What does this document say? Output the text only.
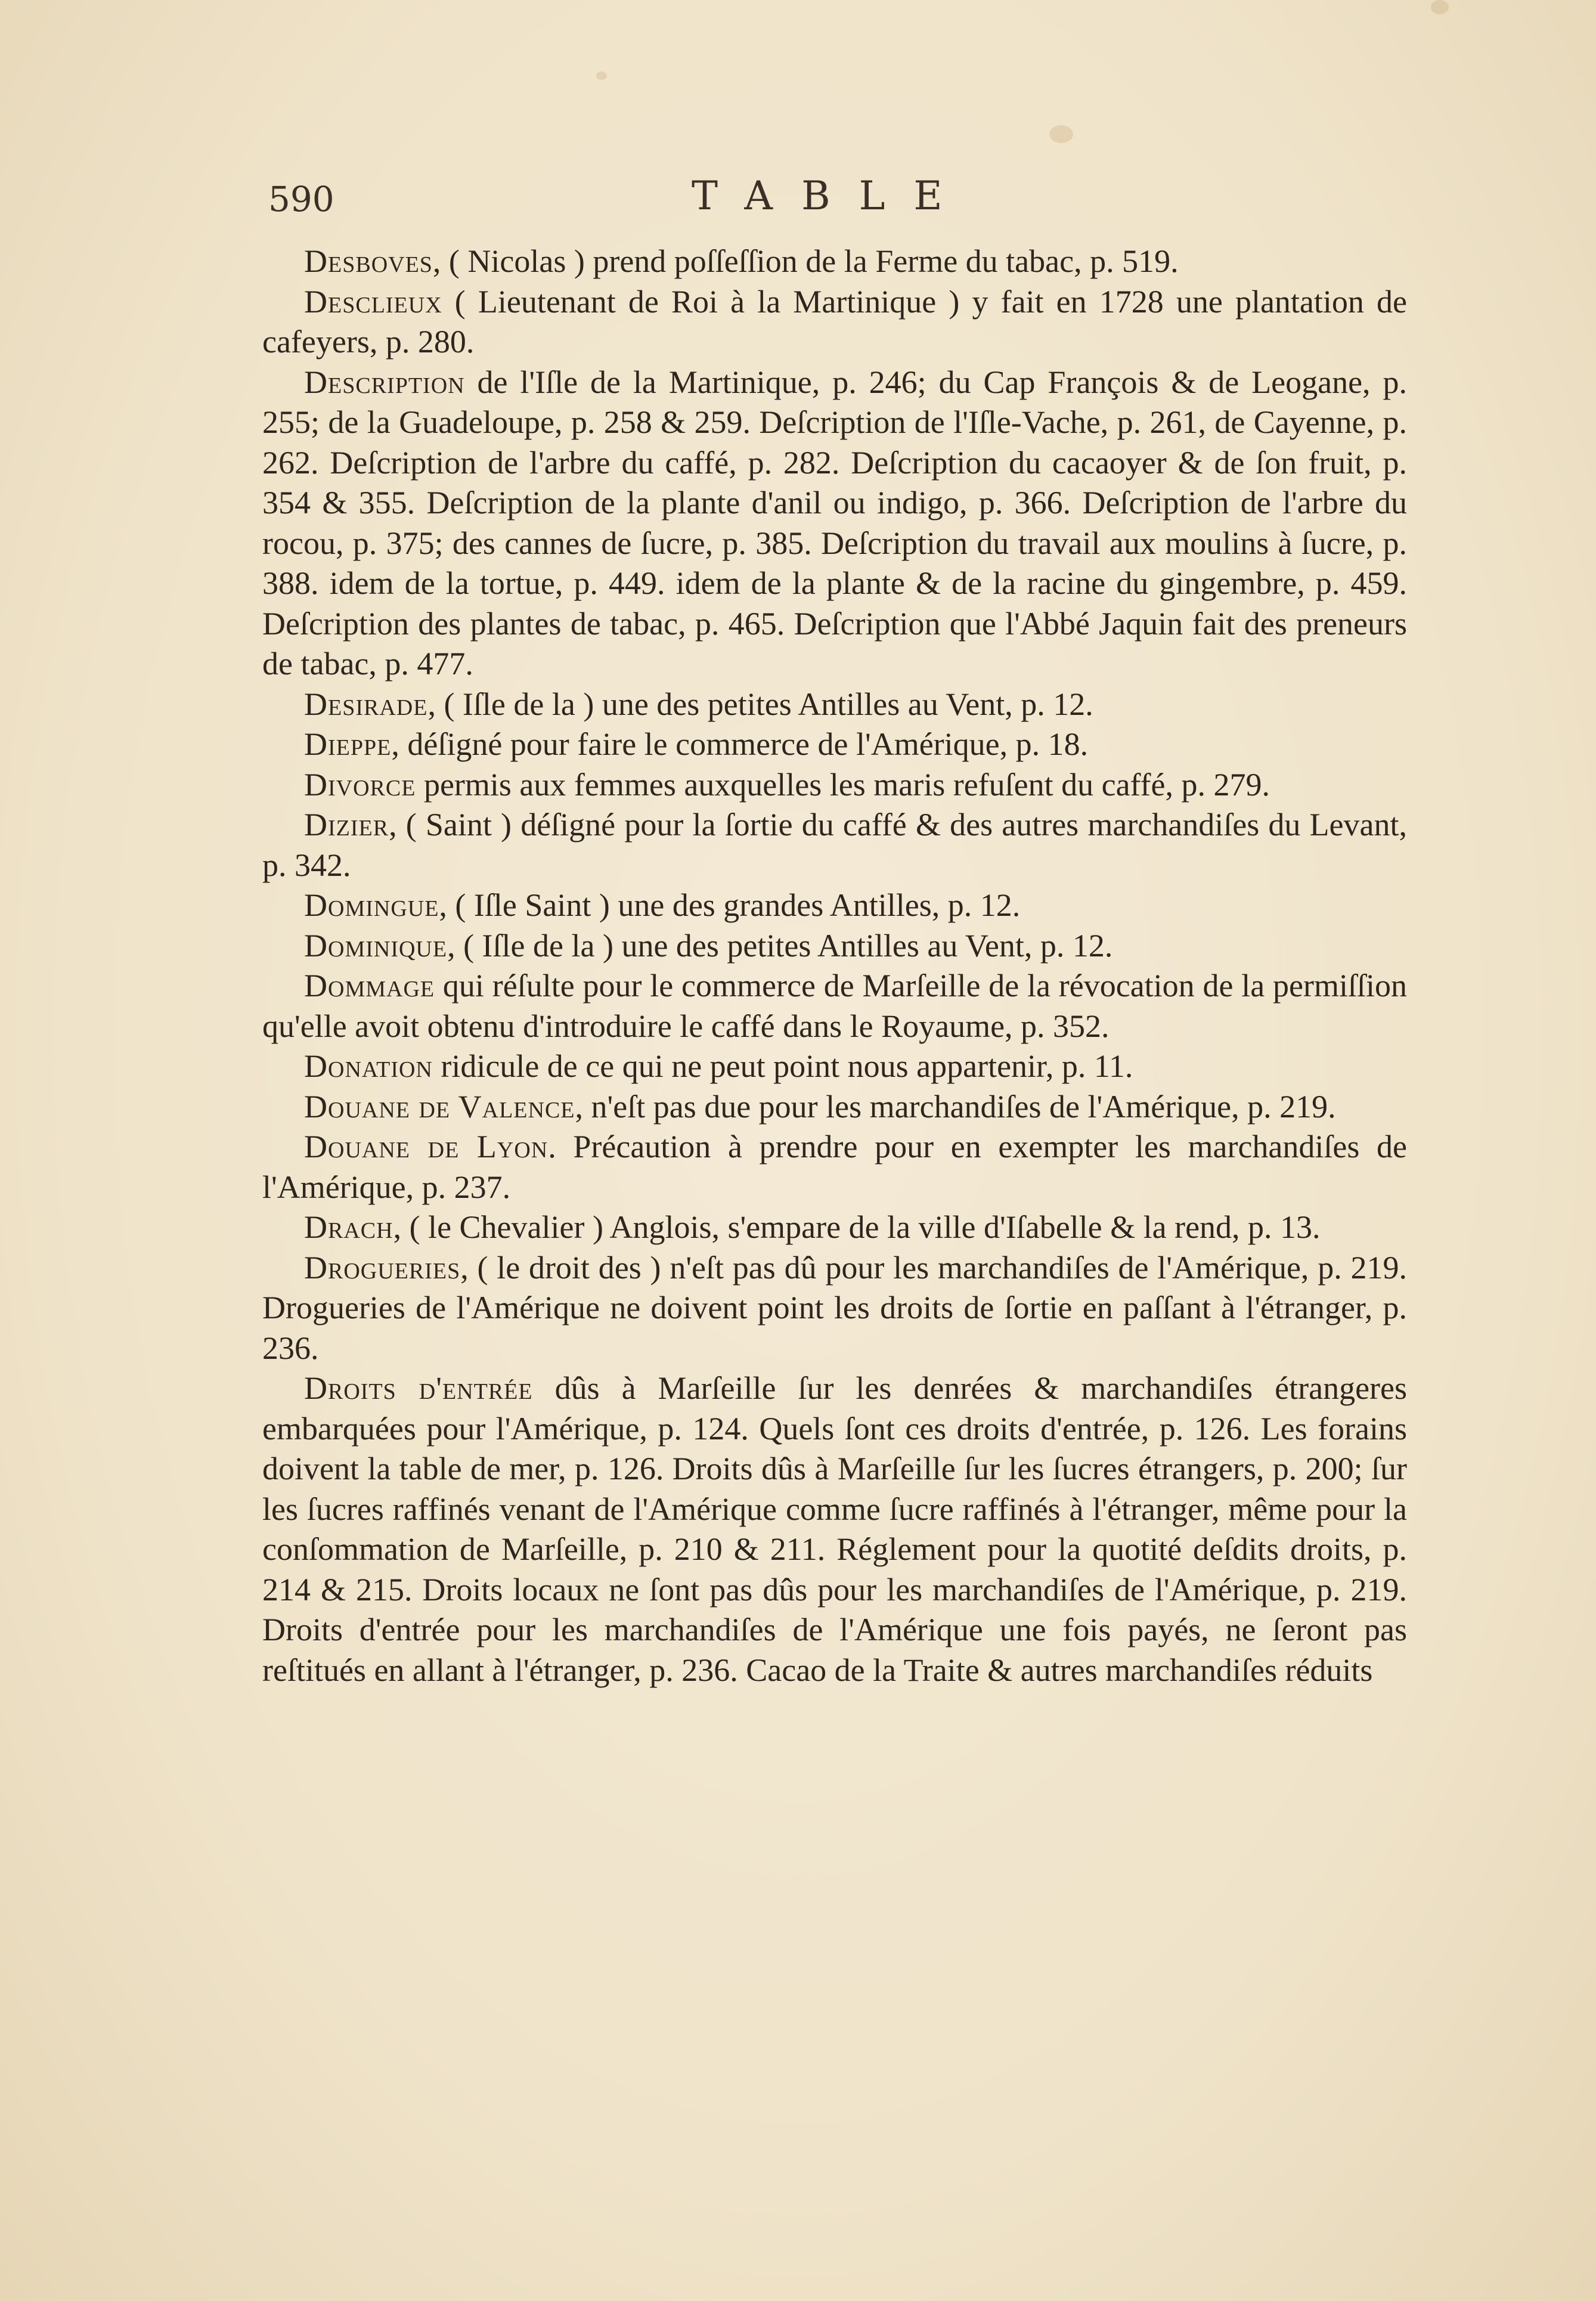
590	TABLE

Desboves, ( Nicolas ) prend poſſeſſion de la Ferme du tabac, p. 519.

Desclieux ( Lieutenant de Roi à la Martinique ) y fait en 1728 une plantation de cafeyers, p. 280.

Description de l'Iſle de la Martinique, p. 246; du Cap François & de Leogane, p. 255; de la Guadeloupe, p. 258 & 259. Deſcription de l'Iſle-Vache, p. 261, de Cayenne, p. 262. Deſcription de l'arbre du caffé, p. 282. Deſcription du cacaoyer & de ſon fruit, p. 354 & 355. Deſcription de la plante d'anil ou indigo, p. 366. Deſcription de l'arbre du rocou, p. 375; des cannes de ſucre, p. 385. Deſcription du travail aux moulins à ſucre, p. 388. idem de la tortue, p. 449. idem de la plante & de la racine du gingembre, p. 459. Deſcription des plantes de tabac, p. 465. Deſcription que l'Abbé Jaquin fait des preneurs de tabac, p. 477.

Desirade, ( Iſle de la ) une des petites Antilles au Vent, p. 12.

Dieppe, déſigné pour faire le commerce de l'Amérique, p. 18.

Divorce permis aux femmes auxquelles les maris refuſent du caffé, p. 279.

Dizier, ( Saint ) déſigné pour la ſortie du caffé & des autres marchandiſes du Levant, p. 342.

Domingue, ( Iſle Saint ) une des grandes Antilles, p. 12.

Dominique, ( Iſle de la ) une des petites Antilles au Vent, p. 12.

Dommage qui réſulte pour le commerce de Marſeille de la révocation de la permiſſion qu'elle avoit obtenu d'introduire le caffé dans le Royaume, p. 352.

Donation ridicule de ce qui ne peut point nous appartenir, p. 11.

Douane de Valence, n'eſt pas due pour les marchandiſes de l'Amérique, p. 219.

Douane de Lyon. Précaution à prendre pour en exempter les marchandiſes de l'Amérique, p. 237.

Drach, ( le Chevalier ) Anglois, s'empare de la ville d'Iſabelle & la rend, p. 13.

Drogueries, ( le droit des ) n'eſt pas dû pour les marchandiſes de l'Amérique, p. 219. Drogueries de l'Amérique ne doivent point les droits de ſortie en paſſant à l'étranger, p. 236.

Droits d'entrée dûs à Marſeille ſur les denrées & marchandiſes étrangeres embarquées pour l'Amérique, p. 124. Quels ſont ces droits d'entrée, p. 126. Les forains doivent la table de mer, p. 126. Droits dûs à Marſeille ſur les ſucres étrangers, p. 200; ſur les ſucres raffinés venant de l'Amérique comme ſucre raffinés à l'étranger, même pour la conſommation de Marſeille, p. 210 & 211. Réglement pour la quotité deſdits droits, p. 214 & 215. Droits locaux ne ſont pas dûs pour les marchandiſes de l'Amérique, p. 219. Droits d'entrée pour les marchandiſes de l'Amérique une fois payés, ne ſeront pas reſtitués en allant à l'étranger, p. 236. Cacao de la Traite & autres marchandiſes réduits
